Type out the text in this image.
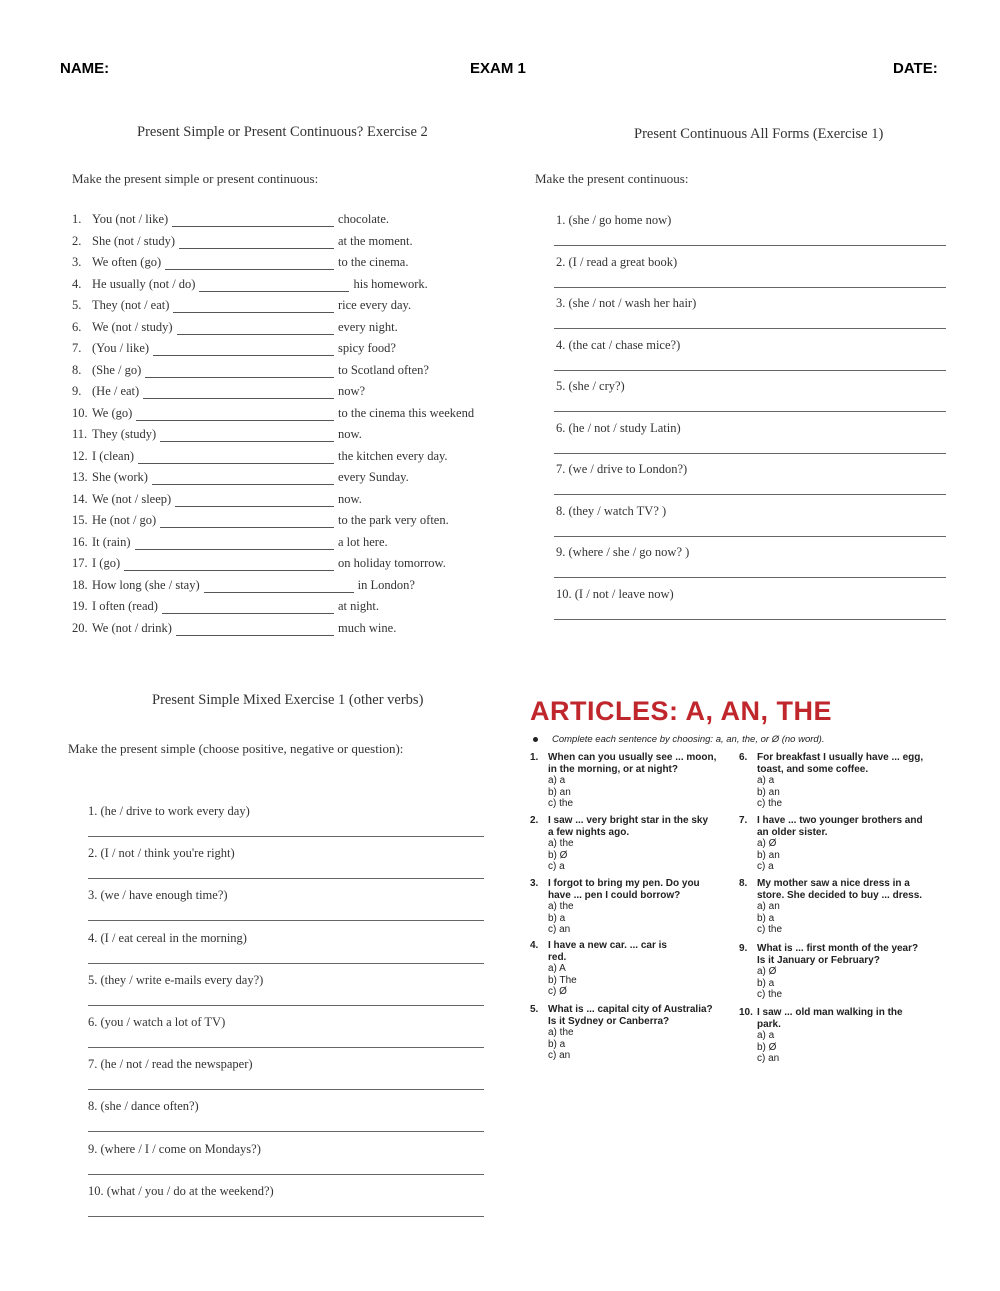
NAME:	EXAM 1	DATE:
Present Simple or Present Continuous? Exercise 2
Make the present simple or present continuous:
1. You (not / like)	chocolate.
2. She (not / study)	at the moment.
3. We often (go)	to the cinema.
4. He usually (not / do)	his homework.
5. They (not / eat)	rice every day.
6. We (not / study)	every night.
7. (You / like)	spicy food?
8. (She / go)	to Scotland often?
9. (He / eat)	now?
10. We (go)	to the cinema this weekend
11. They (study)	now.
12. I (clean)	the kitchen every day.
13. She (work)	every Sunday.
14. We (not / sleep)	now.
15. He (not / go)	to the park very often.
16. It (rain)	a lot here.
17. I (go)	on holiday tomorrow.
18. How long (she / stay)	in London?
19. I often (read)	at night.
20. We (not / drink)	much wine.
Present Continuous All Forms (Exercise 1)
Make the present continuous:
1. (she / go home now)
2. (I / read a great book)
3. (she / not / wash her hair)
4. (the cat / chase mice?)
5. (she / cry?)
6. (he / not / study Latin)
7. (we / drive to London?)
8. (they / watch TV? )
9. (where / she / go now? )
10. (I / not / leave now)
Present Simple Mixed Exercise 1 (other verbs)
Make the present simple (choose positive, negative or question):
1. (he / drive to work every day)
2. (I / not / think you're right)
3. (we / have enough time?)
4. (I / eat cereal in the morning)
5. (they / write e-mails every day?)
6. (you / watch a lot of TV)
7. (he / not / read the newspaper)
8. (she / dance often?)
9. (where / I / come on Mondays?)
10. (what / you / do at the weekend?)
ARTICLES: A, AN, THE
Complete each sentence by choosing: a, an, the, or Ø (no word).
1. When can you usually see ... moon,
in the morning, or at night?
a) a
b) an
c) the
2. I saw ... very bright star in the sky
a few nights ago.
a) the
b) Ø
c) a
3. I forgot to bring my pen. Do you
have ... pen I could borrow?
a) the
b) a
c) an
4. I have a new car. ... car is
red.
a) A
b) The
c) Ø
5. What is ... capital city of Australia?
Is it Sydney or Canberra?
a) the
b) a
c) an
6. For breakfast I usually have ... egg,
toast, and some coffee.
a) a
b) an
c) the
7. I have ... two younger brothers and
an older sister.
a) Ø
b) an
c) a
8. My mother saw a nice dress in a
store. She decided to buy ... dress.
a) an
b) a
c) the
9. What is ... first month of the year?
Is it January or February?
a) Ø
b) a
c) the
10. I saw ... old man walking in the
park.
a) a
b) Ø
c) an
